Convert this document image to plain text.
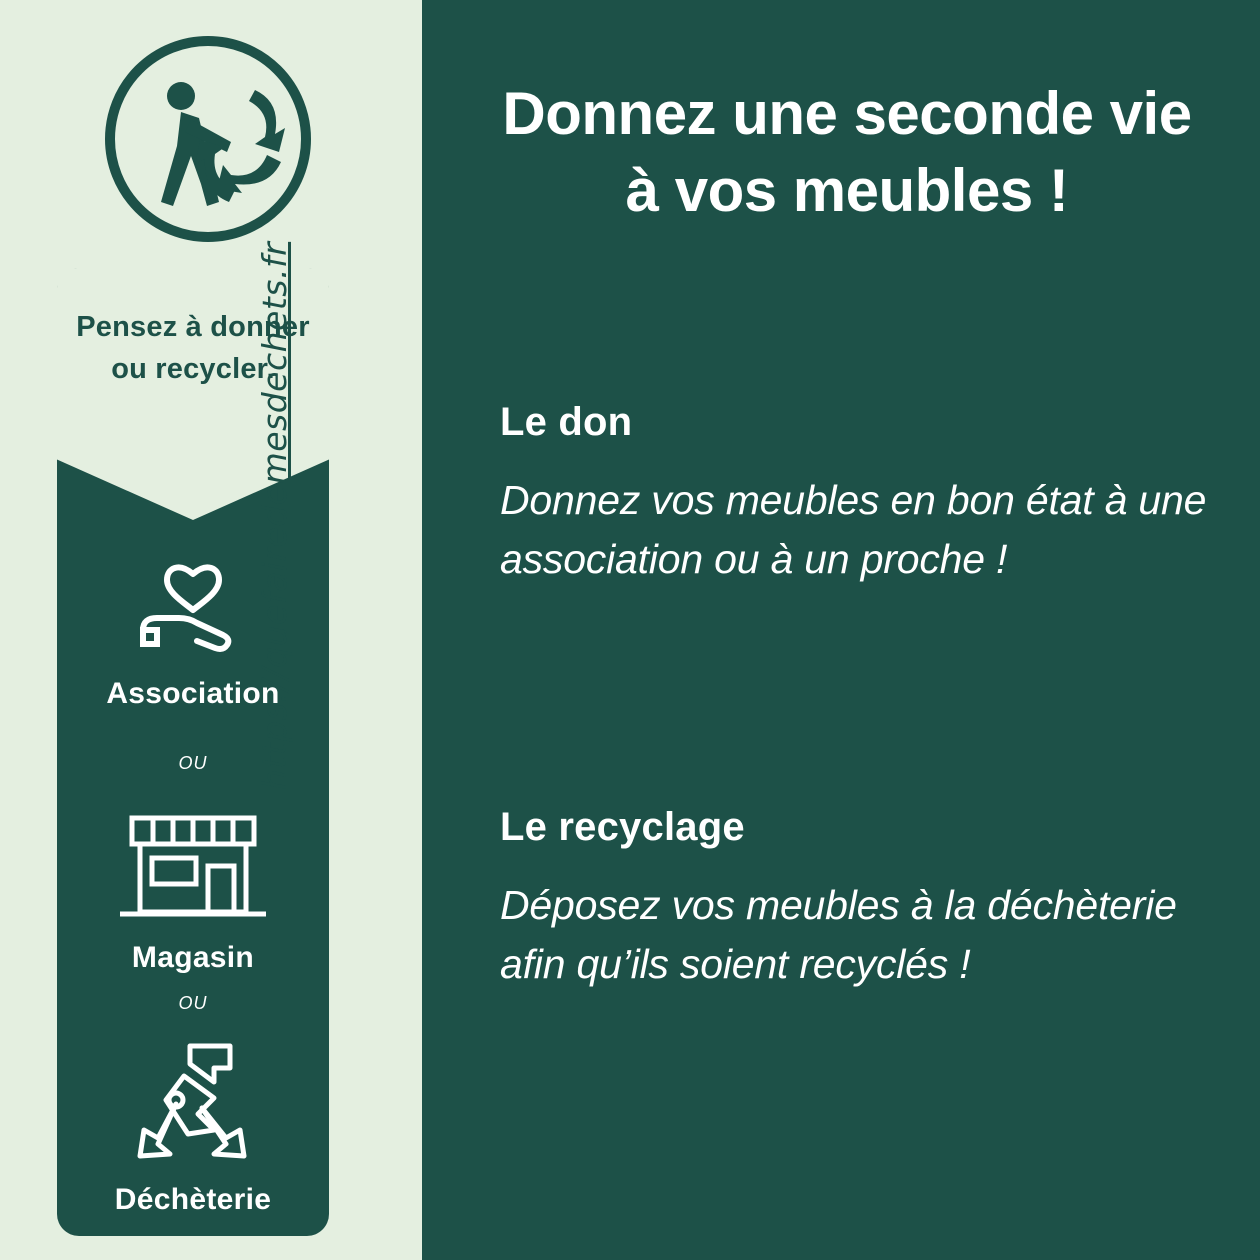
Pensez à donner ou recycler.
Association
OU
Magasin
OU
Déchèterie
https://quefairedemesdechets.fr
Donnez une seconde vie
à vos meubles !
Le don
Donnez vos meubles en bon état à une association ou à un proche !
Le recyclage
Déposez vos meubles à la déchèterie afin qu’ils soient recyclés !
